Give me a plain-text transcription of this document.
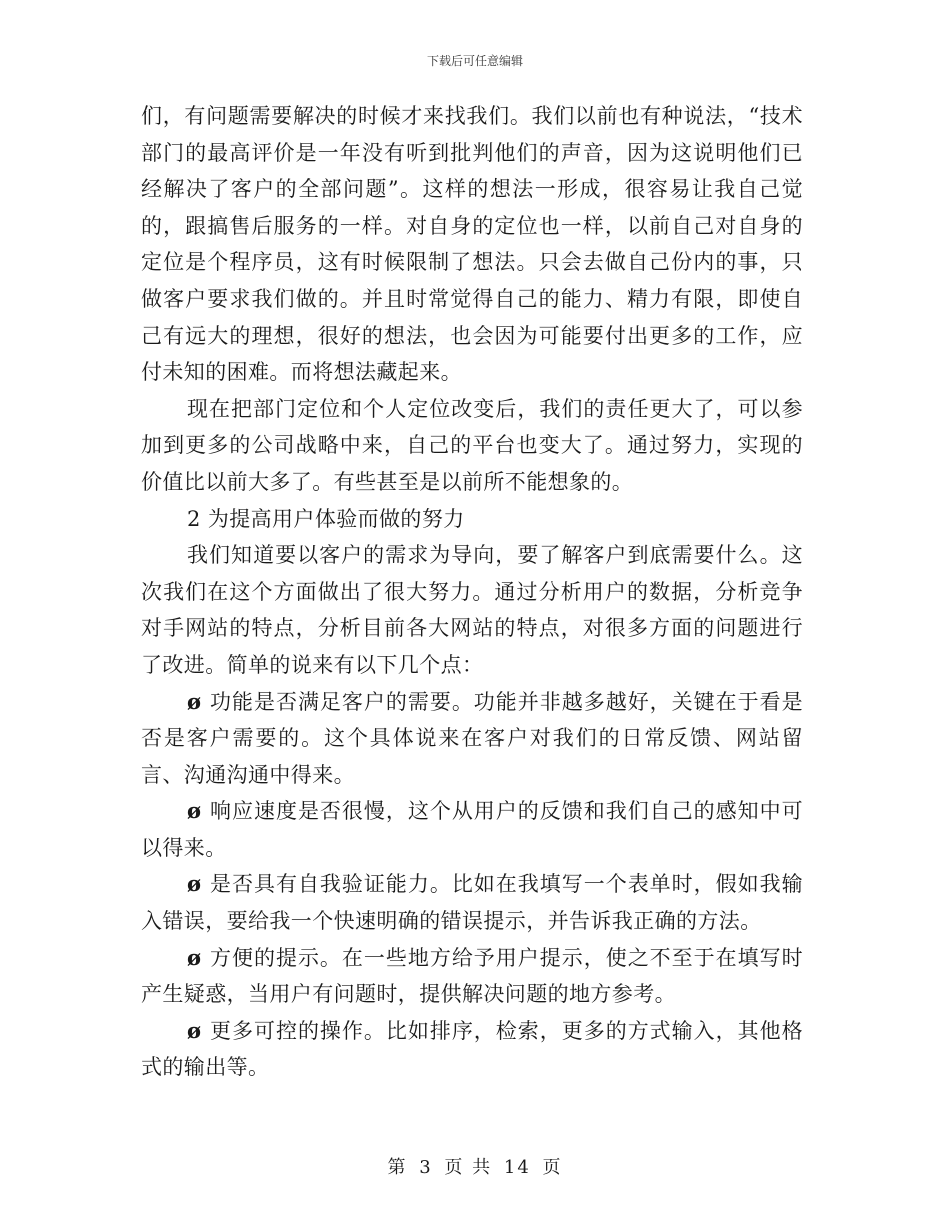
下载后可任意编辑

们，有问题需要解决的时候才来找我们。我们以前也有种说法，“技术部门的最高评价是一年没有听到批判他们的声音，因为这说明他们已经解决了客户的全部问题”。这样的想法一形成，很容易让我自己觉的，跟搞售后服务的一样。对自身的定位也一样，以前自己对自身的定位是个程序员，这有时候限制了想法。只会去做自己份内的事，只做客户要求我们做的。并且时常觉得自己的能力、精力有限，即使自己有远大的理想，很好的想法，也会因为可能要付出更多的工作，应付未知的困难。而将想法藏起来。

现在把部门定位和个人定位改变后，我们的责任更大了，可以参加到更多的公司战略中来，自己的平台也变大了。通过努力，实现的价值比以前大多了。有些甚至是以前所不能想象的。

2 为提高用户体验而做的努力

我们知道要以客户的需求为导向，要了解客户到底需要什么。这次我们在这个方面做出了很大努力。通过分析用户的数据，分析竞争对手网站的特点，分析目前各大网站的特点，对很多方面的问题进行了改进。简单的说来有以下几个点：

ø 功能是否满足客户的需要。功能并非越多越好，关键在于看是否是客户需要的。这个具体说来在客户对我们的日常反馈、网站留言、沟通沟通中得来。

ø 响应速度是否很慢，这个从用户的反馈和我们自己的感知中可以得来。

ø 是否具有自我验证能力。比如在我填写一个表单时，假如我输入错误，要给我一个快速明确的错误提示，并告诉我正确的方法。

ø 方便的提示。在一些地方给予用户提示，使之不至于在填写时产生疑惑，当用户有问题时，提供解决问题的地方参考。

ø 更多可控的操作。比如排序，检索，更多的方式输入，其他格式的输出等。

第 3 页 共 14 页
